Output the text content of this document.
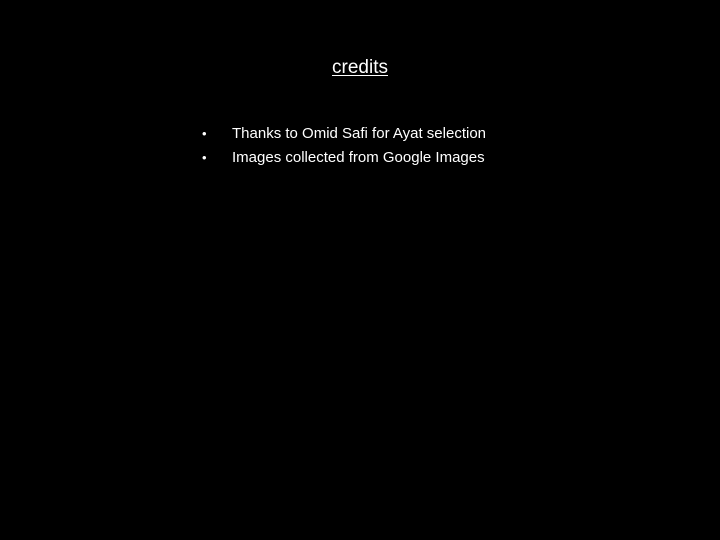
credits
•	Thanks to Omid Safi for Ayat selection
•	Images collected from Google Images
